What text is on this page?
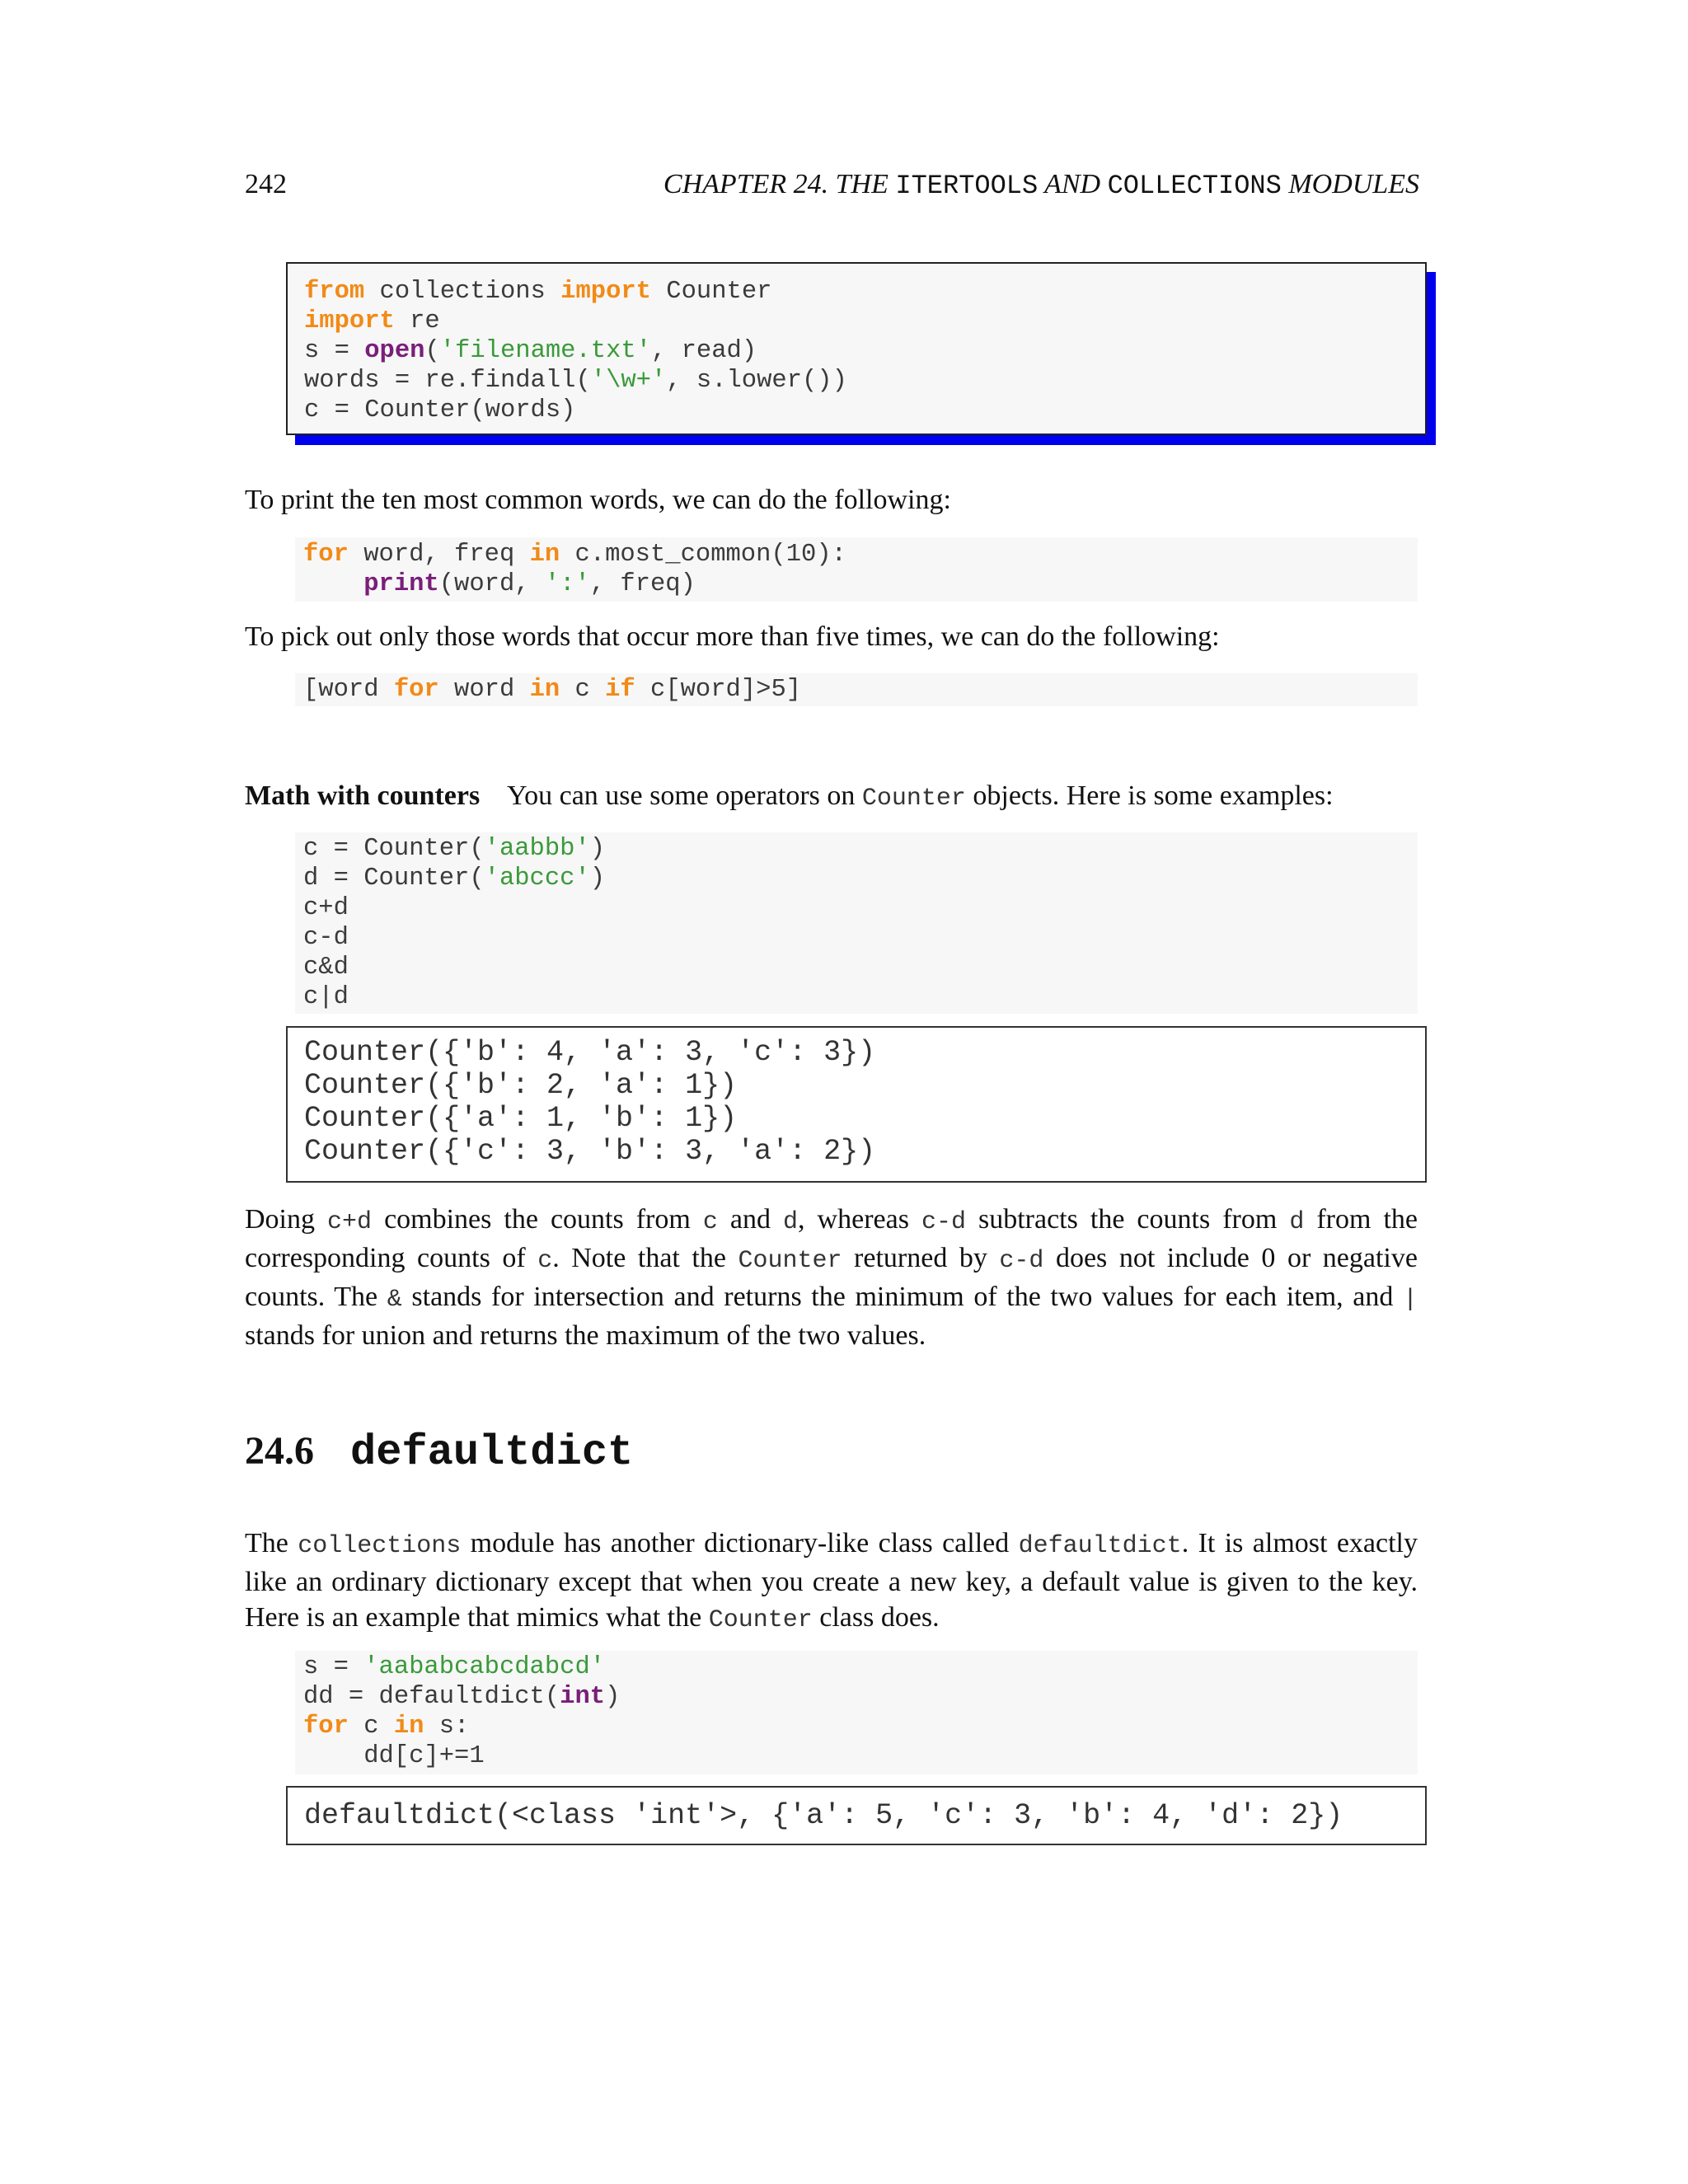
242	CHAPTER 24. THE ITERTOOLS AND COLLECTIONS MODULES
from collections import Counter
import re
s = open('filename.txt', read)
words = re.findall('\w+', s.lower())
c = Counter(words)
To print the ten most common words, we can do the following:
for word, freq in c.most_common(10):
print(word, ':', freq)
To pick out only those words that occur more than five times, we can do the following:
[word for word in c if c[word]>5]
Math with counters You can use some operators on Counter objects. Here is some examples:
c = Counter('aabbb')
d = Counter('abccc')
c+d
c-d
c&d
c|d
Counter({'b': 4, 'a': 3, 'c': 3})
Counter({'b': 2, 'a': 1})
Counter({'a': 1, 'b': 1})
Counter({'c': 3, 'b': 3, 'a': 2})
Doing c+d combines the counts from c and d, whereas c-d subtracts the counts from d from the corresponding counts of c. Note that the Counter returned by c-d does not include 0 or negative counts. The & stands for intersection and returns the minimum of the two values for each item, and | stands for union and returns the maximum of the two values.
24.6 defaultdict
The collections module has another dictionary-like class called defaultdict. It is almost exactly like an ordinary dictionary except that when you create a new key, a default value is given to the key. Here is an example that mimics what the Counter class does.
s = 'aababcabcdabcd'
dd = defaultdict(int)
for c in s:
dd[c]+=1
defaultdict(<class 'int'>, {'a': 5, 'c': 3, 'b': 4, 'd': 2})
